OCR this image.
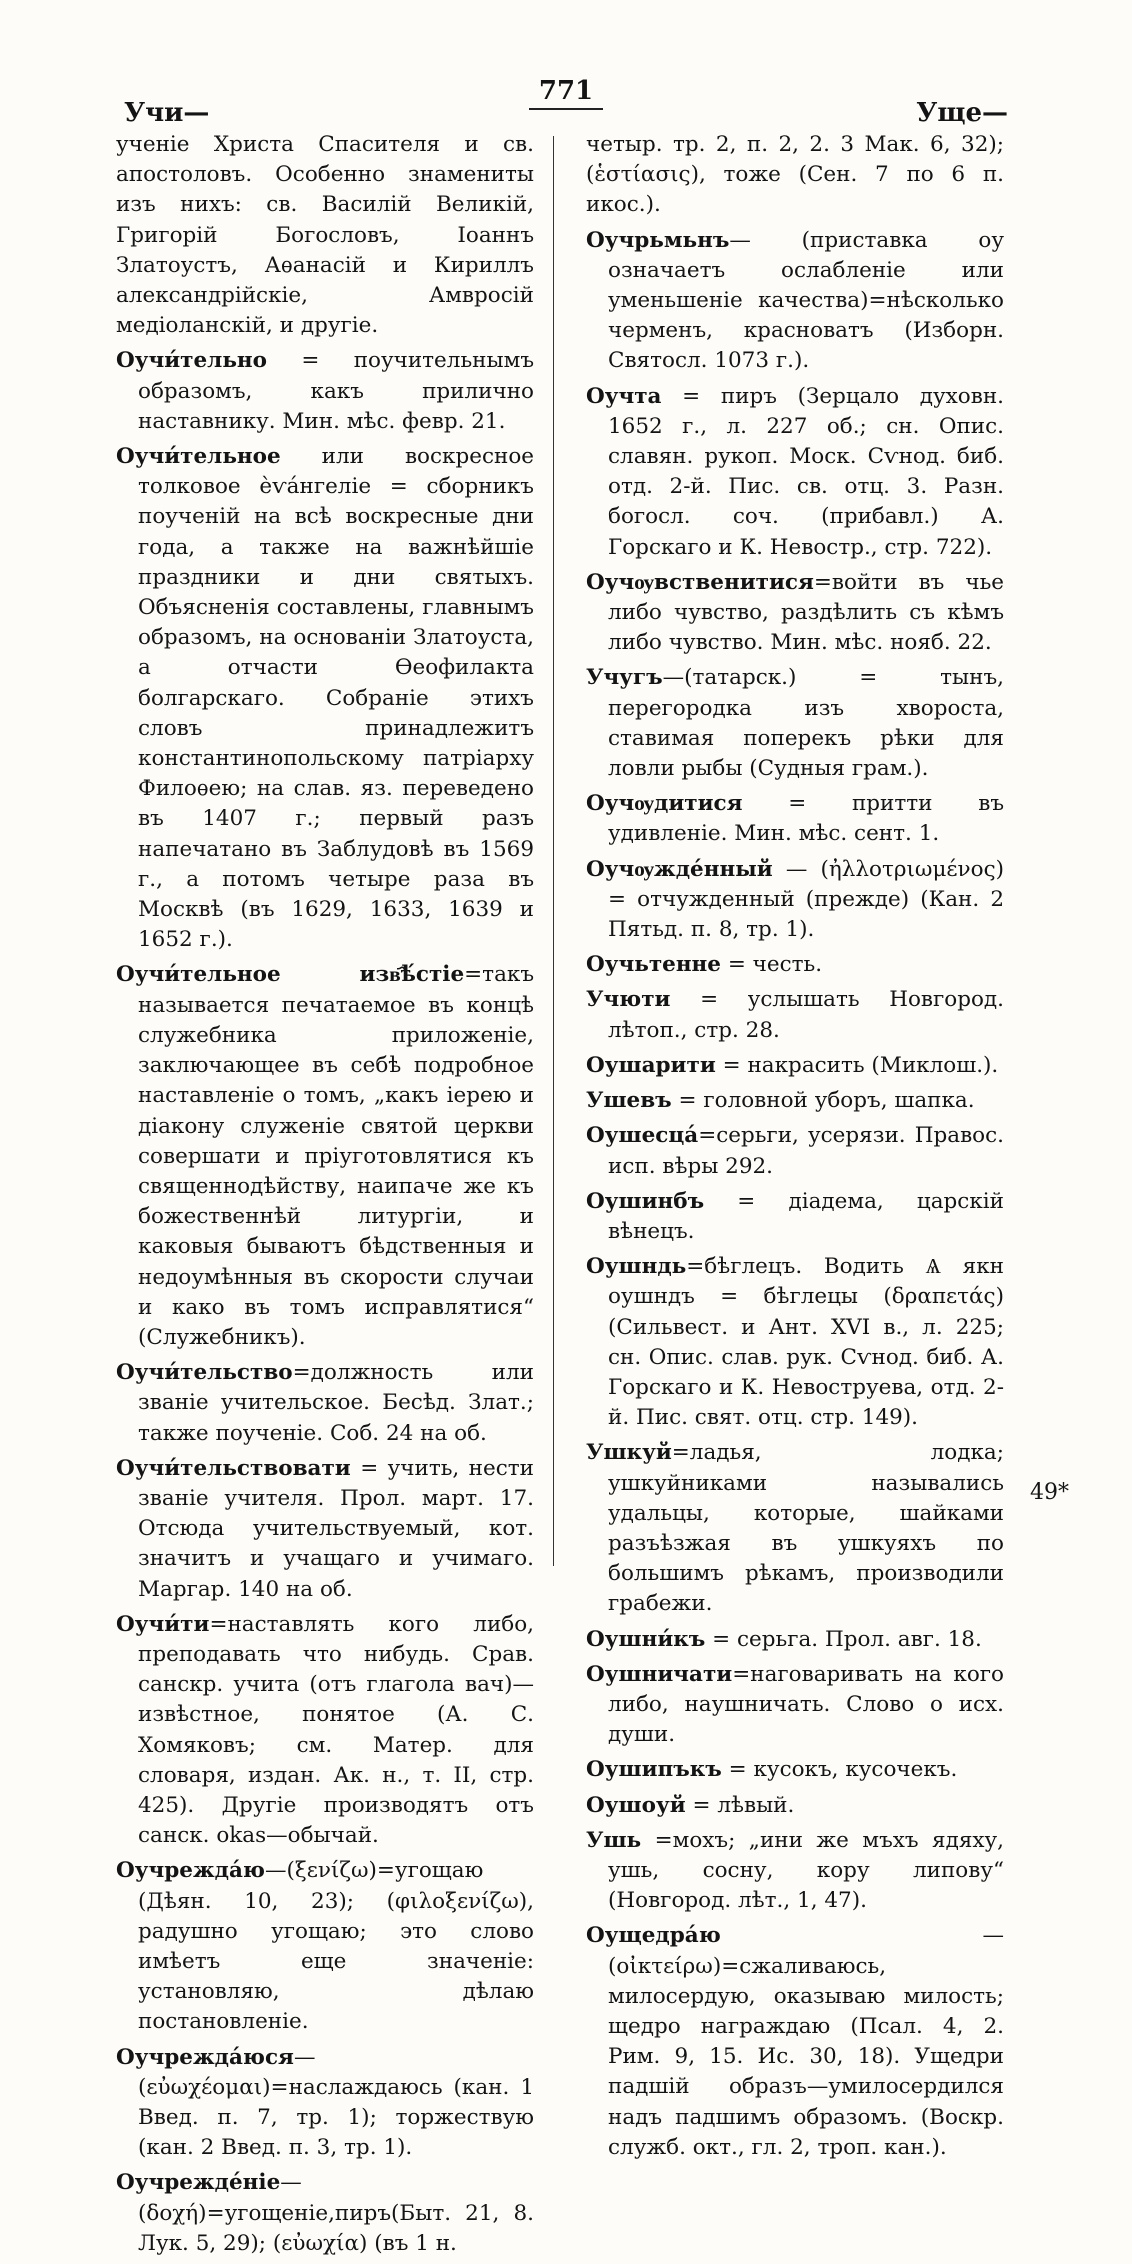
Учи—
771
Ущe—

ученіе Христа Спасителя и св. апостоловъ. Особенно знамениты изъ нихъ: св. Василій Великій, Григорій Богословъ, Іоаннъ Златоустъ, Аѳанасій и Кириллъ александрійскіе, Амвросій медіоланскій, и другіе.

Оучи́тельно = поучительнымъ образомъ, какъ прилично наставнику. Мин. мѣс. февр. 21.

Оучи́тельное или воскресное толковое ѐѵа́нгеліе = сборникъ поученій на всѣ воскресные дни года, а также на важнѣйшіе праздники и дни святыхъ. Объясненія составлены, главнымъ образомъ, на основаніи Златоуста, а отчасти Ѳеофилакта болгарскаго. Собраніе этихъ словъ принадлежитъ константинопольскому патріарху Филоѳею; на слав. яз. переведено въ 1407 г.; первый разъ напечатано въ Заблудовѣ въ 1569 г., а потомъ четыре раза въ Москвѣ (въ 1629, 1633, 1639 и 1652 г.).

Оучи́тельное изв҄ѣ́стіе=такъ называется печатаемое въ концѣ служебника приложеніе, заключающее въ себѣ подробное наставленіе о томъ, „какъ іерею и діакону служеніе святой церкви совершати и пріуготовлятися къ священнодѣйству, наипаче же къ божественнѣй литургіи, и каковыя бываютъ бѣдственныя и недоумѣнныя въ скорости случаи и како въ томъ исправлятися“ (Служебникъ).

Оучи́тельство=должность или званіе учительское. Бесѣд. Злат.; также поученіе. Соб. 24 на об.

Оучи́тельствовати = учить, нести званіе учителя. Прол. март. 17. Отсюда учительствуемый, кот. значитъ и учащаго и учимаго. Маргар. 140 на об.

Оучи́ти=наставлять кого либо, преподавать что нибудь. Срав. санскр. учита (отъ глагола вач)—извѣстное, понятое (А. С. Хомяковъ; см. Матер. для словаря, издан. Ак. н., т. II, стр. 425). Другіе производятъ отъ санск. okas—обычай.

Оучрежда́ю—(ξενίζω)=угощаю (Дѣян. 10, 23); (φιλοξενίζω), радушно угощаю; это слово имѣетъ еще значеніе: установляю, дѣлаю постановленіе.

Оучрежда́юся—(εὐωχέομαι)=наслаждаюсь (кан. 1 Введ. п. 7, тр. 1); торжествую (кан. 2 Введ. п. 3, тр. 1).

Оучрежде́ніе—(δοχή)=угощеніе,пиръ(Быт. 21, 8. Лук. 5, 29); (εὐωχία) (въ 1 н.

четыр. тр. 2, п. 2, 2. 3 Мак. 6, 32); (ἑστίασις), тоже (Сен. 7 по 6 п. икос.).

Оучрьмьнъ— (приставка оу означаетъ ослабленіе или уменьшеніе качества)=нѣсколько черменъ, красноватъ (Изборн. Святосл. 1073 г.).

Оучта = пиръ (Зерцало духовн. 1652 г., л. 227 об.; сн. Опис. славян. рукоп. Моск. Сѵнод. биб. отд. 2-й. Пис. св. отц. 3. Разн. богосл. соч. (прибавл.) А. Горскаго и К. Невостр., стр. 722).

Оучѹвственитися=войти въ чье либо чувство, раздѣлить съ кѣмъ либо чувство. Мин. мѣс. нояб. 22.

Учугъ—(татарск.) = тынъ, перегородка изъ хвороста, ставимая поперекъ рѣки для ловли рыбы (Судныя грам.).

Оучѹдитися = притти въ удивленіе. Мин. мѣс. сент. 1.

Оучѹжде́нный — (ἠλλοτριωμένος) = отчужденный (прежде) (Кан. 2 Пятьд. п. 8, тр. 1).

Оучьтенне = честь.

Учюти = услышать Новгород. лѣтоп., стр. 28.

Оушарити = накрасить (Миклош.).

Ушевъ = головной уборъ, шапка.

Оушесца́=серьги, усерязи. Правос. исп. вѣры 292.

Оушинбъ = діадема, царскій вѣнецъ.

Оушндь=бѣглецъ. Водить Ѧ якн оушндъ = бѣглецы (δραπετάς) (Сильвест. и Ант. XVI в., л. 225; сн. Опис. слав. рук. Сѵнод. биб. А. Горскаго и К. Невоструева, отд. 2-й. Пис. свят. отц. стр. 149).

Ушкуй=ладья, лодка; ушкуйниками назывались удальцы, которые, шайками разъѣзжая въ ушкуяхъ по большимъ рѣкамъ, производили грабежи.

Оушни́къ = серьга. Прол. авг. 18.

Оушничати=наговаривать на кого либо, наушничать. Слово о исх. души.

Оушипъкъ = кусокъ, кусочекъ.

Оушоуй = лѣвый.

Ушь =мохъ; „ини же мъхъ ядяху, ушь, сосну, кору липову“ (Новгород. лѣт., 1, 47).

Оущедра́ю — (οἰκτείρω)=сжаливаюсь, милосердую, оказываю милость; щедро награждаю (Псал. 4, 2. Рим. 9, 15. Ис. 30, 18). Ущедри падшій образъ—умилосердился надъ падшимъ образомъ. (Воскр. служб. окт., гл. 2, троп. кан.).

49*
